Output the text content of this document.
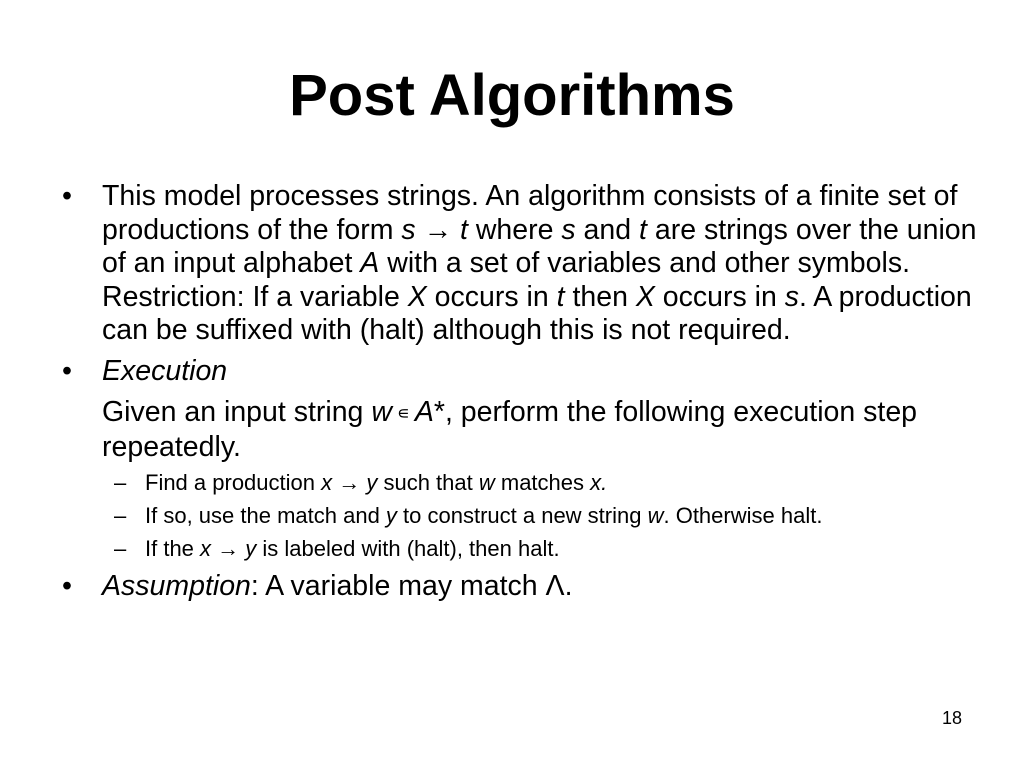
Post Algorithms
• This model processes strings. An algorithm consists of a finite set of productions of the form s → t where s and t are strings over the union of an input alphabet A with a set of variables and other symbols. Restriction: If a variable X occurs in t then X occurs in s. A production can be suffixed with (halt) although this is not required.
• Execution
Given an input string w ∊ A*, perform the following execution step repeatedly.
– Find a production x → y such that w matches x.
– If so, use the match and y to construct a new string w. Otherwise halt.
– If the x → y is labeled with (halt), then halt.
• Assumption: A variable may match Λ.
18
